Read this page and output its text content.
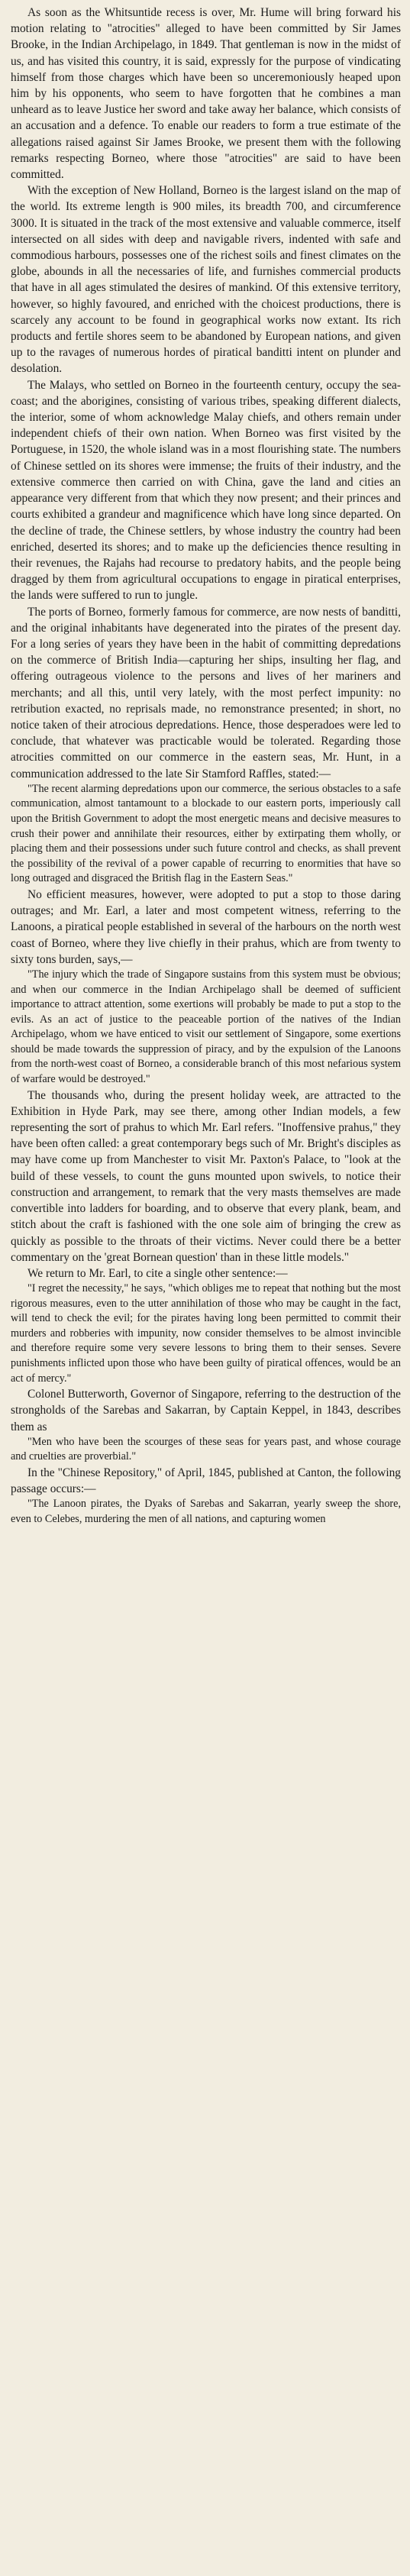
As soon as the Whitsuntide recess is over, Mr. Hume will bring forward his motion relating to "atrocities" alleged to have been committed by Sir James Brooke, in the Indian Archipelago, in 1849. That gentleman is now in the midst of us, and has visited this country, it is said, expressly for the purpose of vindicating himself from those charges which have been so unceremoniously heaped upon him by his opponents, who seem to have forgotten that he combines a man unheard as to leave Justice her sword and take away her balance, which consists of an accusation and a defence. To enable our readers to form a true estimate of the allegations raised against Sir James Brooke, we present them with the following remarks respecting Borneo, where those "atrocities" are said to have been committed.

With the exception of New Holland, Borneo is the largest island on the map of the world. Its extreme length is 900 miles, its breadth 700, and circumference 3000. It is situated in the track of the most extensive and valuable commerce, itself intersected on all sides with deep and navigable rivers, indented with safe and commodious harbours, possesses one of the richest soils and finest climates on the globe, abounds in all the necessaries of life, and furnishes commercial products that have in all ages stimulated the desires of mankind. Of this extensive territory, however, so highly favoured, and enriched with the choicest productions, there is scarcely any account to be found in geographical works now extant. Its rich products and fertile shores seem to be abandoned by European nations, and given up to the ravages of numerous hordes of piratical banditti intent on plunder and desolation.

The Malays, who settled on Borneo in the fourteenth century, occupy the sea-coast; and the aborigines, consisting of various tribes, speaking different dialects, the interior, some of whom acknowledge Malay chiefs, and others remain under independent chiefs of their own nation. When Borneo was first visited by the Portuguese, in 1520, the whole island was in a most flourishing state. The numbers of Chinese settled on its shores were immense; the fruits of their industry, and the extensive commerce then carried on with China, gave the land and cities an appearance very different from that which they now present; and their princes and courts exhibited a grandeur and magnificence which have long since departed. On the decline of trade, the Chinese settlers, by whose industry the country had been enriched, deserted its shores; and to make up the deficiencies thence resulting in their revenues, the Rajahs had recourse to predatory habits, and the people being dragged by them from agricultural occupations to engage in piratical enterprises, the lands were suffered to run to jungle.

The ports of Borneo, formerly famous for commerce, are now nests of banditti, and the original inhabitants have degenerated into the pirates of the present day. For a long series of years they have been in the habit of committing depredations on the commerce of British India—capturing her ships, insulting her flag, and offering outrageous violence to the persons and lives of her mariners and merchants; and all this, until very lately, with the most perfect impunity: no retribution exacted, no reprisals made, no remonstrance presented; in short, no notice taken of their atrocious depredations. Hence, those desperadoes were led to conclude, that whatever was practicable would be tolerated. Regarding those atrocities committed on our commerce in the eastern seas, Mr. Hunt, in a communication addressed to the late Sir Stamford Raffles, stated:—

"The recent alarming depredations upon our commerce, the serious obstacles to a safe communication, almost tantamount to a blockade to our eastern ports, imperiously call upon the British Government to adopt the most energetic means and decisive measures to crush their power and annihilate their resources, either by extirpating them wholly, or placing them and their possessions under such future control and checks, as shall prevent the possibility of the revival of a power capable of recurring to enormities that have so long outraged and disgraced the British flag in the Eastern Seas."

No efficient measures, however, were adopted to put a stop to those daring outrages; and Mr. Earl, a later and most competent witness, referring to the Lanoons, a piratical people established in several of the harbours on the north west coast of Borneo, where they live chiefly in their prahus, which are from twenty to sixty tons burden, says,—

"The injury which the trade of Singapore sustains from this system must be obvious; and when our commerce in the Indian Archipelago shall be deemed of sufficient importance to attract attention, some exertions will probably be made to put a stop to the evils. As an act of justice to the peaceable portion of the natives of the Indian Archipelago, whom we have enticed to visit our settlement of Singapore, some exertions should be made towards the suppression of piracy, and by the expulsion of the Lanoons from the north-west coast of Borneo, a considerable branch of this most nefarious system of warfare would be destroyed."

The thousands who, during the present holiday week, are attracted to the Exhibition in Hyde Park, may see there, among other Indian models, a few representing the sort of prahus to which Mr. Earl refers. "Inoffensive prahus," they have been often called: a great contemporary begs such of Mr. Bright's disciples as may have come up from Manchester to visit Mr. Paxton's Palace, to "look at the build of these vessels, to count the guns mounted upon swivels, to notice their construction and arrangement, to remark that the very masts themselves are made convertible into ladders for boarding, and to observe that every plank, beam, and stitch about the craft is fashioned with the one sole aim of bringing the crew as quickly as possible to the throats of their victims. Never could there be a better commentary on the 'great Bornean question' than in these little models."

We return to Mr. Earl, to cite a single other sentence:—

"I regret the necessity," he says, "which obliges me to repeat that nothing but the most rigorous measures, even to the utter annihilation of those who may be caught in the fact, will tend to check the evil; for the pirates having long been permitted to commit their murders and robberies with impunity, now consider themselves to be almost invincible and therefore require some very severe lessons to bring them to their senses. Severe punishments inflicted upon those who have been guilty of piratical offences, would be an act of mercy."

Colonel Butterworth, Governor of Singapore, referring to the destruction of the strongholds of the Sarebas and Sakarran, by Captain Keppel, in 1843, describes them as

"Men who have been the scourges of these seas for years past, and whose courage and cruelties are proverbial."

In the "Chinese Repository," of April, 1845, published at Canton, the following passage occurs:—

"The Lanoon pirates, the Dyaks of Sarebas and Sakarran, yearly sweep the shore, even to Celebes, murdering the men of all nations, and capturing women
